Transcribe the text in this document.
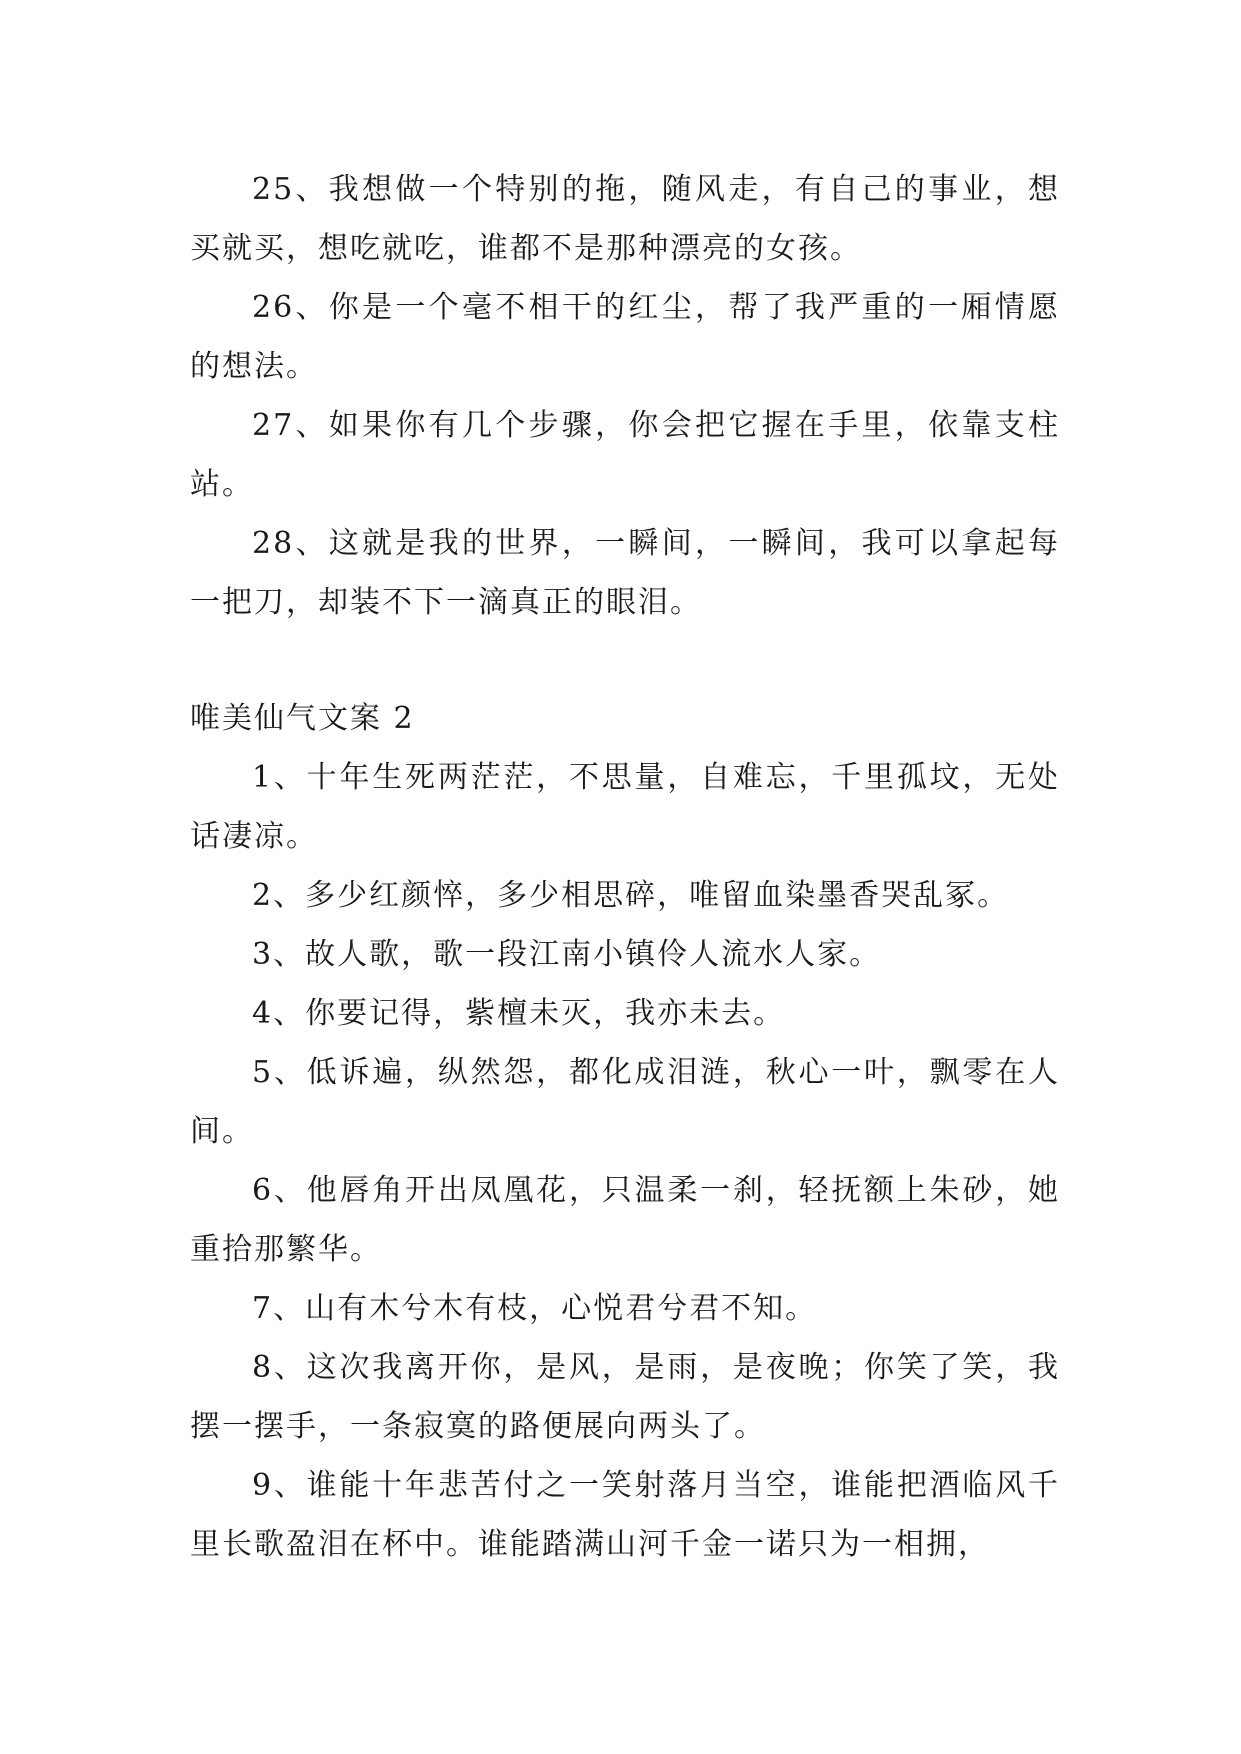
25、我想做一个特别的拖，随风走，有自己的事业，想买就买，想吃就吃，谁都不是那种漂亮的女孩。

26、你是一个毫不相干的红尘，帮了我严重的一厢情愿的想法。

27、如果你有几个步骤，你会把它握在手里，依靠支柱站。

28、这就是我的世界，一瞬间，一瞬间，我可以拿起每一把刀，却装不下一滴真正的眼泪。

唯美仙气文案 2

1、十年生死两茫茫，不思量，自难忘，千里孤坟，无处话凄凉。

2、多少红颜悴，多少相思碎，唯留血染墨香哭乱冢。

3、故人歌，歌一段江南小镇伶人流水人家。

4、你要记得，紫檀未灭，我亦未去。

5、低诉遍，纵然怨，都化成泪涟，秋心一叶，飘零在人间。

6、他唇角开出凤凰花，只温柔一刹，轻抚额上朱砂，她重拾那繁华。

7、山有木兮木有枝，心悦君兮君不知。

8、这次我离开你，是风，是雨，是夜晚；你笑了笑，我摆一摆手，一条寂寞的路便展向两头了。

9、谁能十年悲苦付之一笑射落月当空，谁能把酒临风千里长歌盈泪在杯中。谁能踏满山河千金一诺只为一相拥，
